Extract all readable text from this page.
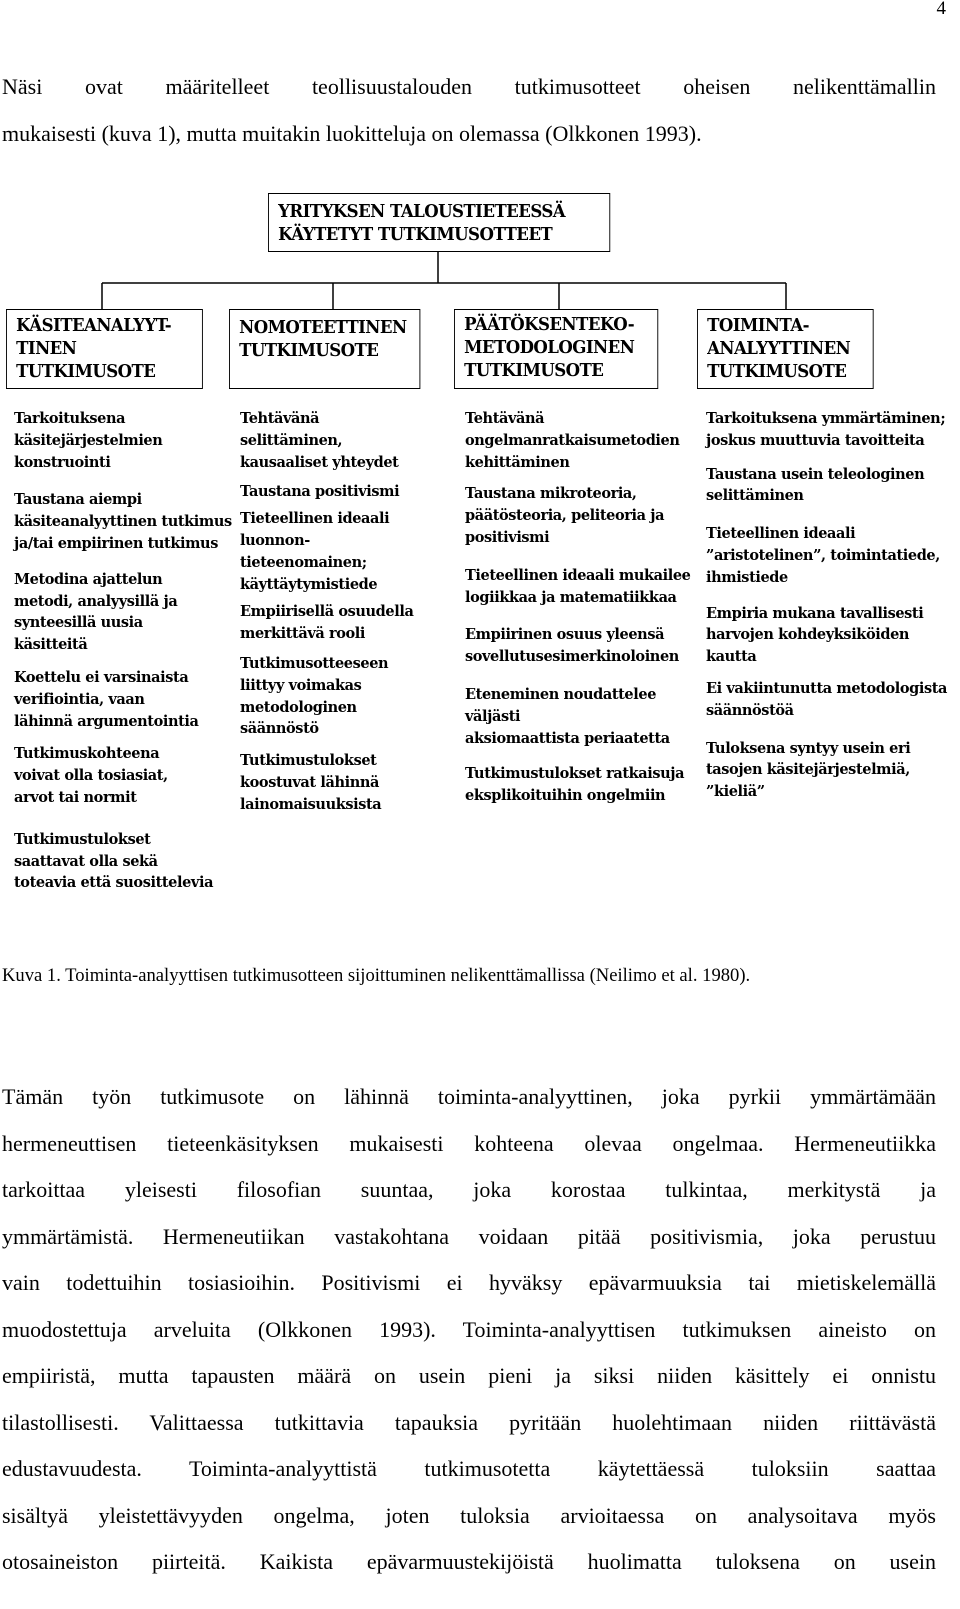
4
Näsi ovat määritelleet teollisuustalouden tutkimusotteet oheisen nelikenttämallin
mukaisesti (kuva 1), mutta muitakin luokitteluja on olemassa (Olkkonen 1993).
YRITYKSEN TALOUSTIETEESSÄ
KÄYTETYT TUTKIMUSOTTEET
KÄSITEANALYYT-
TINEN
TUTKIMUSOTE
NOMOTEETTINEN
TUTKIMUSOTE
PÄÄTÖKSENTEKO-
METODOLOGINEN
TUTKIMUSOTE
TOIMINTA-
ANALYYTTINEN
TUTKIMUSOTE
Tarkoituksena
käsitejärjestelmien
konstruointi
Taustana aiempi
käsiteanalyyttinen tutkimus
ja/tai empiirinen tutkimus
Metodina ajattelun
metodi, analyysillä ja
synteesillä uusia
käsitteitä
Koettelu ei varsinaista
verifiointia, vaan
lähinnä argumentointia
Tutkimuskohteena
voivat olla tosiasiat,
arvot tai normit
Tutkimustulokset
saattavat olla sekä
toteavia että suosittelevia
Tehtävänä
selittäminen,
kausaaliset yhteydet
Taustana positivismi
Tieteellinen ideaali
luonnon-
tieteenomainen;
käyttäytymistiede
Empiirisellä osuudella
merkittävä rooli
Tutkimusotteeseen
liittyy voimakas
metodologinen
säännöstö
Tutkimustulokset
koostuvat lähinnä
lainomaisuuksista
Tehtävänä
ongelmanratkaisumetodien
kehittäminen
Taustana mikroteoria,
päätösteoria, peliteoria ja
positivismi
Tieteellinen ideaali mukailee
logiikkaa ja matematiikkaa
Empiirinen osuus yleensä
sovellutusesimerkinoloinen
Eteneminen noudattelee
väljästi
aksiomaattista periaatetta
Tutkimustulokset ratkaisuja
eksplikoituihin ongelmiin
Tarkoituksena ymmärtäminen;
joskus muuttuvia tavoitteita
Taustana usein teleologinen
selittäminen
Tieteellinen ideaali
”aristotelinen”, toimintatiede,
ihmistiede
Empiria mukana tavallisesti
harvojen kohdeyksiköiden
kautta
Ei vakiintunutta metodologista
säännöstöä
Tuloksena syntyy usein eri
tasojen käsitejärjestelmiä,
”kieliä”
Kuva 1. Toiminta-analyyttisen tutkimusotteen sijoittuminen nelikenttämallissa (Neilimo et al. 1980).
Tämän työn tutkimusote on lähinnä toiminta-analyyttinen, joka pyrkii ymmärtämään
hermeneuttisen tieteenkäsityksen mukaisesti kohteena olevaa ongelmaa. Hermeneutiikka
tarkoittaa yleisesti filosofian suuntaa, joka korostaa tulkintaa, merkitystä ja
ymmärtämistä. Hermeneutiikan vastakohtana voidaan pitää positivismia, joka perustuu
vain todettuihin tosiasioihin. Positivismi ei hyväksy epävarmuuksia tai mietiskelemällä
muodostettuja arveluita (Olkkonen 1993). Toiminta-analyyttisen tutkimuksen aineisto on
empiiristä, mutta tapausten määrä on usein pieni ja siksi niiden käsittely ei onnistu
tilastollisesti. Valittaessa tutkittavia tapauksia pyritään huolehtimaan niiden riittävästä
edustavuudesta. Toiminta-analyyttistä tutkimusotetta käytettäessä tuloksiin saattaa
sisältyä yleistettävyyden ongelma, joten tuloksia arvioitaessa on analysoitava myös
otosaineiston piirteitä. Kaikista epävarmuustekijöistä huolimatta tuloksena on usein
